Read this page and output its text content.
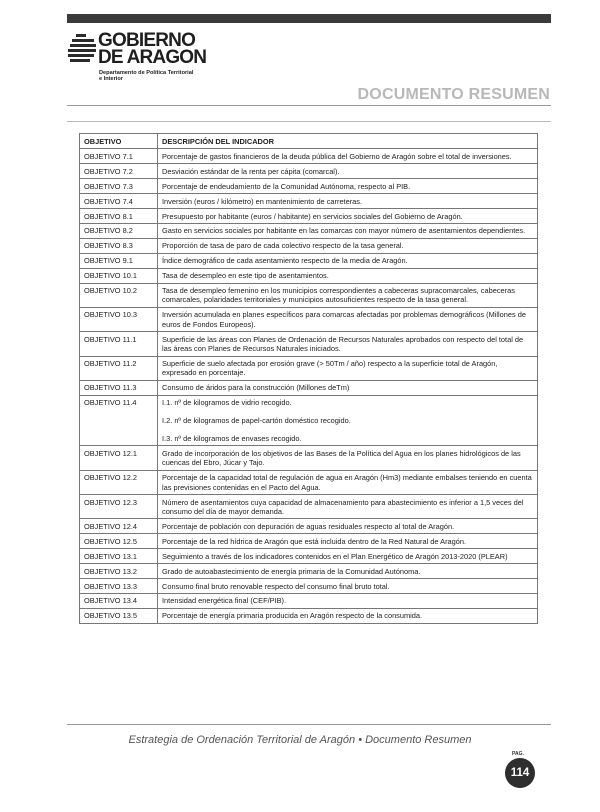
GOBIERNO
DE ARAGON
Departamento de Política Territorial
e Interior
DOCUMENTO RESUMEN
OBJETIVO	DESCRIPCIÓN DEL INDICADOR
OBJETIVO 7.1	Porcentaje de gastos financieros de la deuda pública del Gobierno de Aragón sobre el total de inversiones.
OBJETIVO 7.2	Desviación estándar de la renta per cápita (comarcal).
OBJETIVO 7.3	Porcentaje de endeudamiento de la Comunidad Autónoma, respecto al PIB.
OBJETIVO 7.4	Inversión (euros / kilómetro) en mantenimiento de carreteras.
OBJETIVO 8.1	Presupuesto por habitante (euros / habitante) en servicios sociales del Gobierno de Aragón.
OBJETIVO 8.2	Gasto en servicios sociales por habitante en las comarcas con mayor número de asentamientos dependientes.
OBJETIVO 8.3	Proporción de tasa de paro de cada colectivo respecto de la tasa general.
OBJETIVO 9.1	Índice demográfico de cada asentamiento respecto de la media de Aragón.
OBJETIVO 10.1	Tasa de desempleo en este tipo de asentamientos.
OBJETIVO 10.2	Tasa de desempleo femenino en los municipios correspondientes a cabeceras supracomarcales, cabeceras comarcales, polaridades territoriales y municipios autosuficientes respecto de la tasa general.
OBJETIVO 10.3	Inversión acumulada en planes específicos para comarcas afectadas por problemas demográficos (Millones de euros de Fondos Europeos).
OBJETIVO 11.1	Superficie de las áreas con Planes de Ordenación de Recursos Naturales aprobados con respecto del total de las áreas con Planes de Recursos Naturales iniciados.
OBJETIVO 11.2	Superficie de suelo afectada por erosión grave (> 50Tm / año) respecto a la superficie total de Aragón, expresado en porcentaje.
OBJETIVO 11.3	Consumo de áridos para la construcción (Millones deTm)
OBJETIVO 11.4	I.1. nº de kilogramos de vidrio recogido.

I.2. nº de kilogramos de papel-cartón doméstico recogido.

I.3. nº de kilogramos de envases recogido.

OBJETIVO 12.1	Grado de incorporación de los objetivos de las Bases de la Política del Agua en los planes hidrológicos de las cuencas del Ebro, Júcar y Tajo.
OBJETIVO 12.2	Porcentaje de la capacidad total de regulación de agua en Aragón (Hm3) mediante embalses teniendo en cuenta las previsiones contenidas en el Pacto del Agua.
OBJETIVO 12.3	Número de asentamientos cuya capacidad de almacenamiento para abastecimiento es inferior a 1,5 veces del consumo del día de mayor demanda.
OBJETIVO 12.4	Porcentaje de población con depuración de aguas residuales respecto al total de Aragón.
OBJETIVO 12.5	Porcentaje de la red hídrica de Aragón que está incluida dentro de la Red Natural de Aragón.
OBJETIVO 13.1	Seguimiento a través de los indicadores contenidos en el Plan Energético de Aragón 2013-2020 (PLEAR)
OBJETIVO 13.2	Grado de autoabastecimiento de energía primaria de la Comunidad Autónoma.
OBJETIVO 13.3	Consumo final bruto renovable respecto del consumo final bruto total.
OBJETIVO 13.4	Intensidad energética final (CEF/PIB).
OBJETIVO 13.5	Porcentaje de energía primaria producida en Aragón respecto de la consumida.
Estrategia de Ordenación Territorial de Aragón • Documento Resumen
PAG.
114
